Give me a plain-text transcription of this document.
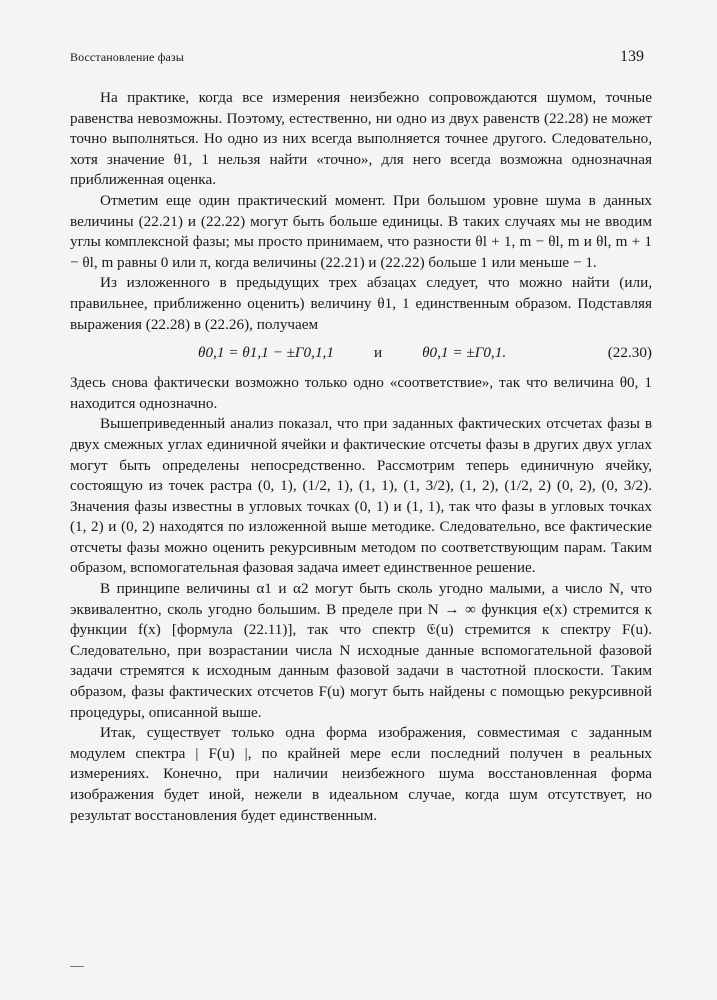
Восстановление фазы	139

На практике, когда все измерения неизбежно сопровождаются шумом, точные равенства невозможны. Поэтому, естественно, ни одно из двух равенств (22.28) не может точно выполняться. Но одно из них всегда выполняется точнее другого. Следовательно, хотя значение θ1, 1 нельзя найти «точно», для него всегда возможна однозначная приближенная оценка.

Отметим еще один практический момент. При большом уровне шума в данных величины (22.21) и (22.22) могут быть больше единицы. В таких случаях мы не вводим углы комплексной фазы; мы просто принимаем, что разности θl + 1, m − θl, m и θl, m + 1 − θl, m равны 0 или π, когда величины (22.21) и (22.22) больше 1 или меньше − 1.

Из изложенного в предыдущих трех абзацах следует, что можно найти (или, правильнее, приближенно оценить) величину θ1, 1 единственным образом. Подставляя выражения (22.28) в (22.26), получаем

θ0,1 = θ1,1 − ±Γ0,1,1	и	θ0,1 = ±Γ0,1.	(22.30)

Здесь снова фактически возможно только одно «соответствие», так что величина θ0, 1 находится однозначно.

Вышеприведенный анализ показал, что при заданных фактических отсчетах фазы в двух смежных углах единичной ячейки и фактические отсчеты фазы в других двух углах могут быть определены непосредственно. Рассмотрим теперь единичную ячейку, состоящую из точек растра (0, 1), (1/2, 1), (1, 1), (1, 3/2), (1, 2), (1/2, 2) (0, 2), (0, 3/2). Значения фазы известны в угловых точках (0, 1) и (1, 1), так что фазы в угловых точках (1, 2) и (0, 2) находятся по изложенной выше методике. Следовательно, все фактические отсчеты фазы можно оценить рекурсивным методом по соответствующим парам. Таким образом, вспомогательная фазовая задача имеет единственное решение.

В принципе величины α1 и α2 могут быть сколь угодно малыми, а число N, что эквивалентно, сколь угодно большим. В пределе при N → ∞ функция e(x) стремится к функции f(x) [формула (22.11)], так что спектр 𝔈(u) стремится к спектру F(u). Следовательно, при возрастании числа N исходные данные вспомогательной фазовой задачи стремятся к исходным данным фазовой задачи в частотной плоскости. Таким образом, фазы фактических отсчетов F(u) могут быть найдены с помощью рекурсивной процедуры, описанной выше.

Итак, существует только одна форма изображения, совместимая с заданным модулем спектра | F(u) |, по крайней мере если последний получен в реальных измерениях. Конечно, при наличии неизбежного шума восстановленная форма изображения будет иной, нежели в идеальном случае, когда шум отсутствует, но результат восстановления будет единственным.
